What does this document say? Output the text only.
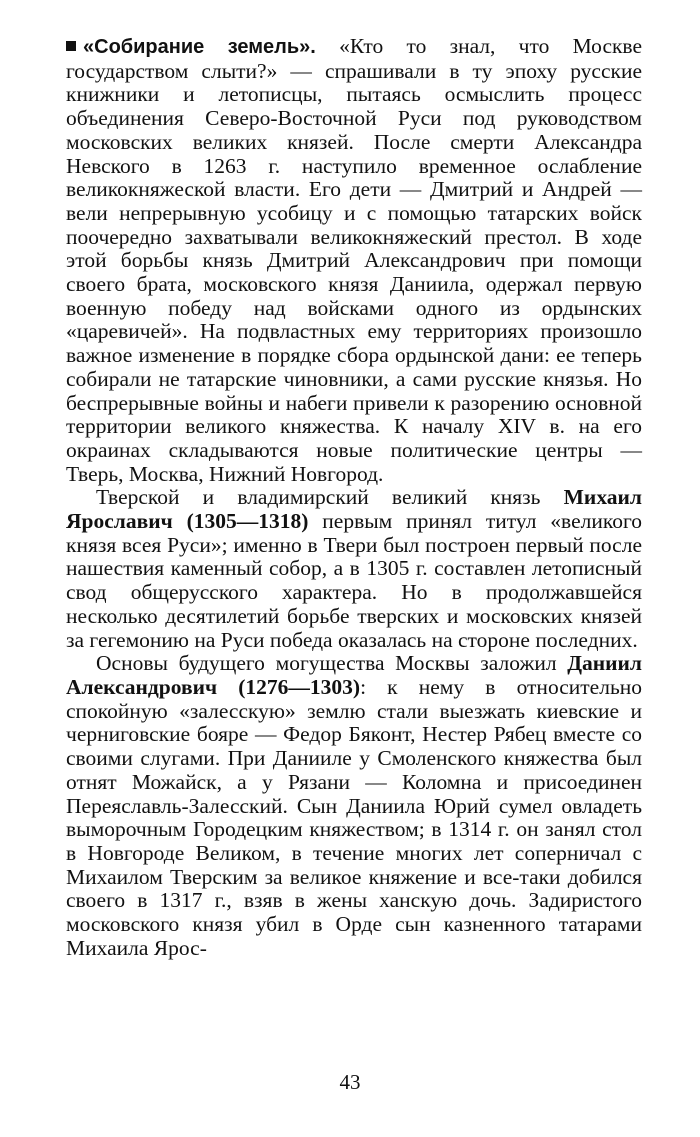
«Собирание земель». «Кто то знал, что Москве государством слыти?» — спрашивали в ту эпоху русские книжники и летописцы, пытаясь осмыслить процесс объединения Северо-Восточной Руси под руководством московских великих князей. После смерти Александра Невского в 1263 г. наступило временное ослабление великокняжеской власти. Его дети — Дмитрий и Андрей — вели непрерывную усобицу и с помощью татарских войск поочередно захватывали великокняжеский престол. В ходе этой борьбы князь Дмитрий Александрович при помощи своего брата, московского князя Даниила, одержал первую военную победу над войсками одного из ордынских «царевичей». На подвластных ему территориях произошло важное изменение в порядке сбора ордынской дани: ее теперь собирали не татарские чиновники, а сами русские князья. Но беспрерывные войны и набеги привели к разорению основной территории великого княжества. К началу XIV в. на его окраинах складываются новые политические центры — Тверь, Москва, Нижний Новгород.

Тверской и владимирский великий князь Михаил Ярославич (1305—1318) первым принял титул «великого князя всея Руси»; именно в Твери был построен первый после нашествия каменный собор, а в 1305 г. составлен летописный свод общерусского характера. Но в продолжавшейся несколько десятилетий борьбе тверских и московских князей за гегемонию на Руси победа оказалась на стороне последних.

Основы будущего могущества Москвы заложил Даниил Александрович (1276—1303): к нему в относительно спокойную «залесскую» землю стали выезжать киевские и черниговские бояре — Федор Бяконт, Нестер Рябец вместе со своими слугами. При Данииле у Смоленского княжества был отнят Можайск, а у Рязани — Коломна и присоединен Переяславль-Залесский. Сын Даниила Юрий сумел овладеть выморочным Городецким княжеством; в 1314 г. он занял стол в Новгороде Великом, в течение многих лет соперничал с Михаилом Тверским за великое княжение и все-таки добился своего в 1317 г., взяв в жены ханскую дочь. Задиристого московского князя убил в Орде сын казненного татарами Михаила Ярос-

43
